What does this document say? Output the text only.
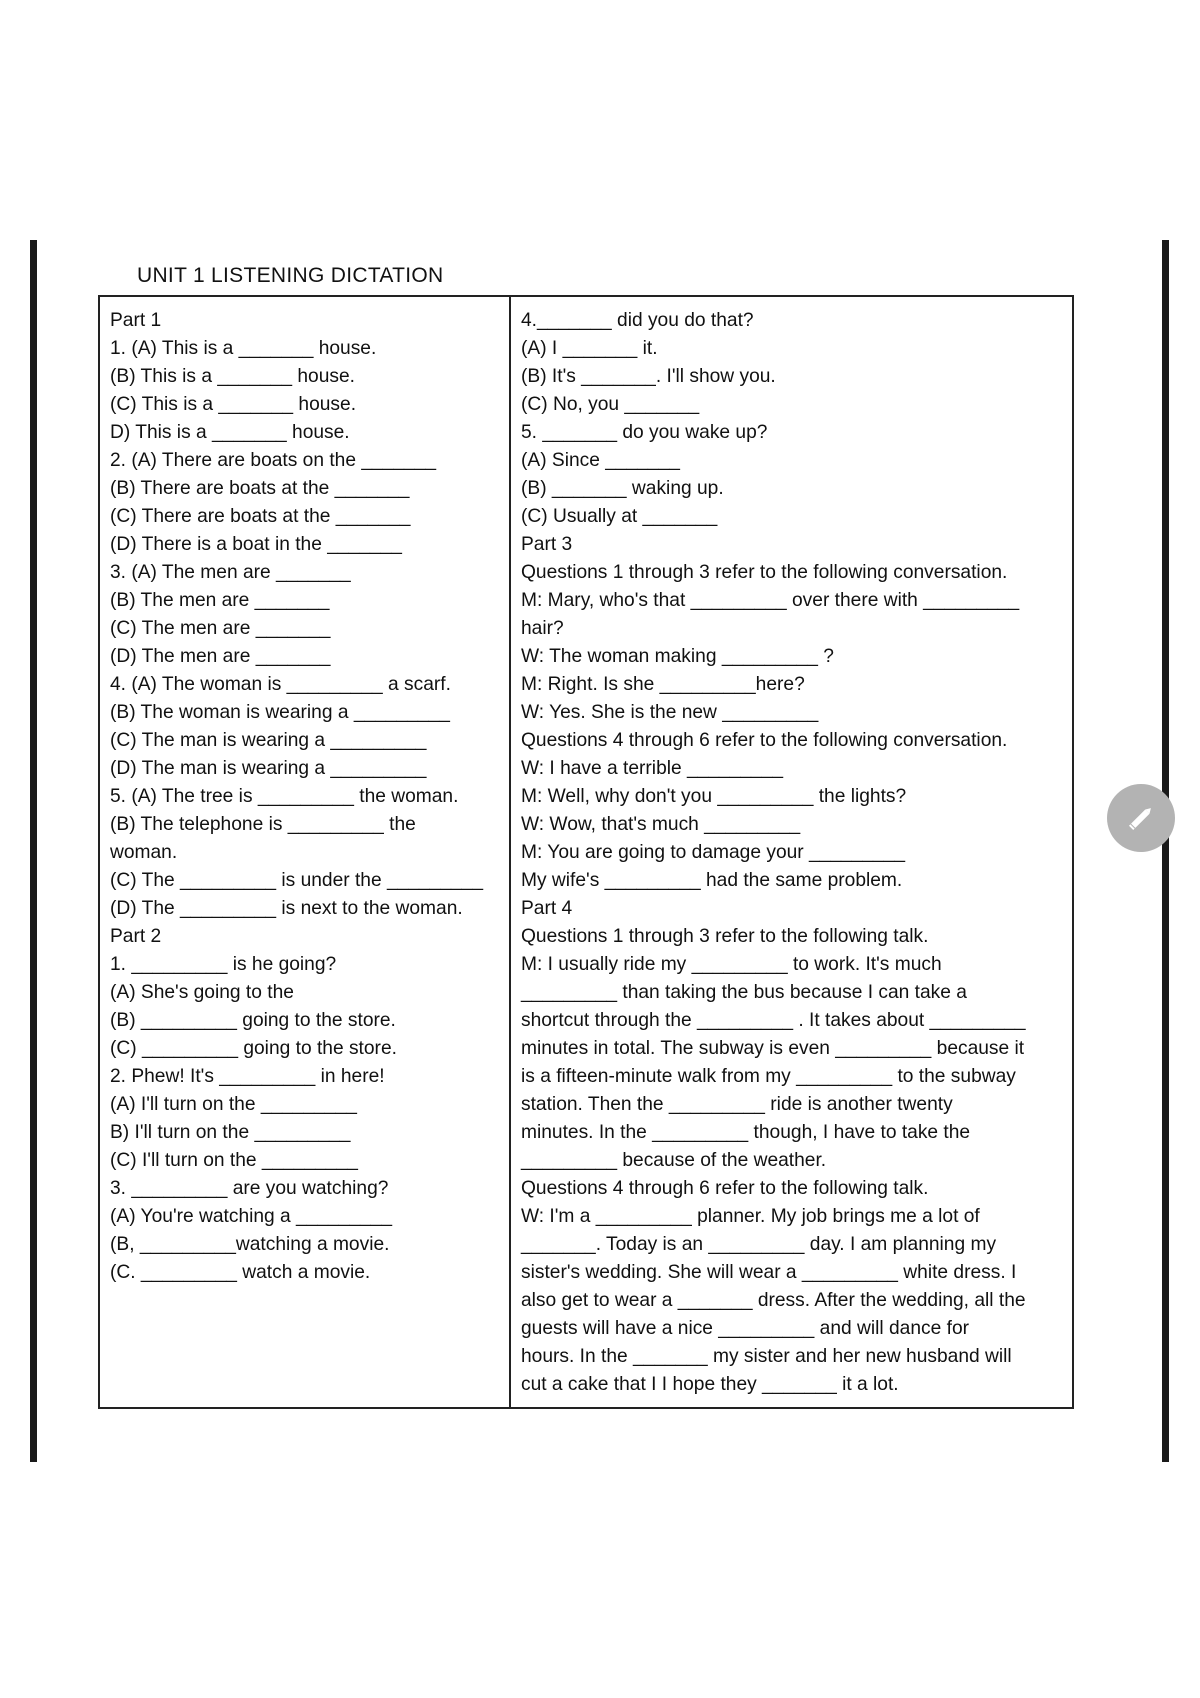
UNIT 1 LISTENING DICTATION
Part 1
1. (A) This is a _______ house.
(B) This is a _______ house.
(C) This is a _______ house.
D) This is a _______ house.
2. (A) There are boats on the _______
(B) There are boats at the _______
(C) There are boats at the _______
(D) There is a boat in the _______
3. (A) The men are _______
(B) The men are _______
(C) The men are _______
(D) The men are _______
4. (A) The woman is _________ a scarf.
(B) The woman is wearing a _________
(C) The man is wearing a _________
(D) The man is wearing a _________
5. (A) The tree is _________ the woman.
(B) The telephone is _________ the
woman.
(C) The _________ is under the _________
(D) The _________ is next to the woman.
Part 2
1. _________ is he going?
(A) She's going to the
(B) _________ going to the store.
(C) _________ going to the store.
2. Phew! It's _________ in here!
(A) I'll turn on the _________
B) I'll turn on the _________
(C) I'll turn on the _________
3. _________ are you watching?
(A) You're watching a _________
(B, _________watching a movie.
(C. _________ watch a movie.
4._______ did you do that?
(A) I _______ it.
(B) It's _______. I'll show you.
(C) No, you _______
5. _______ do you wake up?
(A) Since _______
(B) _______ waking up.
(C) Usually at _______
Part 3
Questions 1 through 3 refer to the following conversation.
M: Mary, who's that _________ over there with _________
hair?
W: The woman making _________ ?
M: Right. Is she _________here?
W: Yes. She is the new _________
Questions 4 through 6 refer to the following conversation.
W: I have a terrible _________
M: Well, why don't you _________ the lights?
W: Wow, that's much _________
M: You are going to damage your _________
My wife's _________ had the same problem.
Part 4
Questions 1 through 3 refer to the following talk.
M: I usually ride my _________ to work. It's much
_________ than taking the bus because I can take a
shortcut through the _________ . It takes about _________
minutes in total. The subway is even _________ because it
is a fifteen-minute walk from my _________ to the subway
station. Then the _________ ride is another twenty
minutes. In the _________ though, I have to take the
_________ because of the weather.
Questions 4 through 6 refer to the following talk.
W: I'm a _________ planner. My job brings me a lot of
_______. Today is an _________ day. I am planning my
sister's wedding. She will wear a _________ white dress. I
also get to wear a _______ dress. After the wedding, all the
guests will have a nice _________ and will dance for
hours. In the _______ my sister and her new husband will
cut a cake that I I hope they _______ it a lot.
